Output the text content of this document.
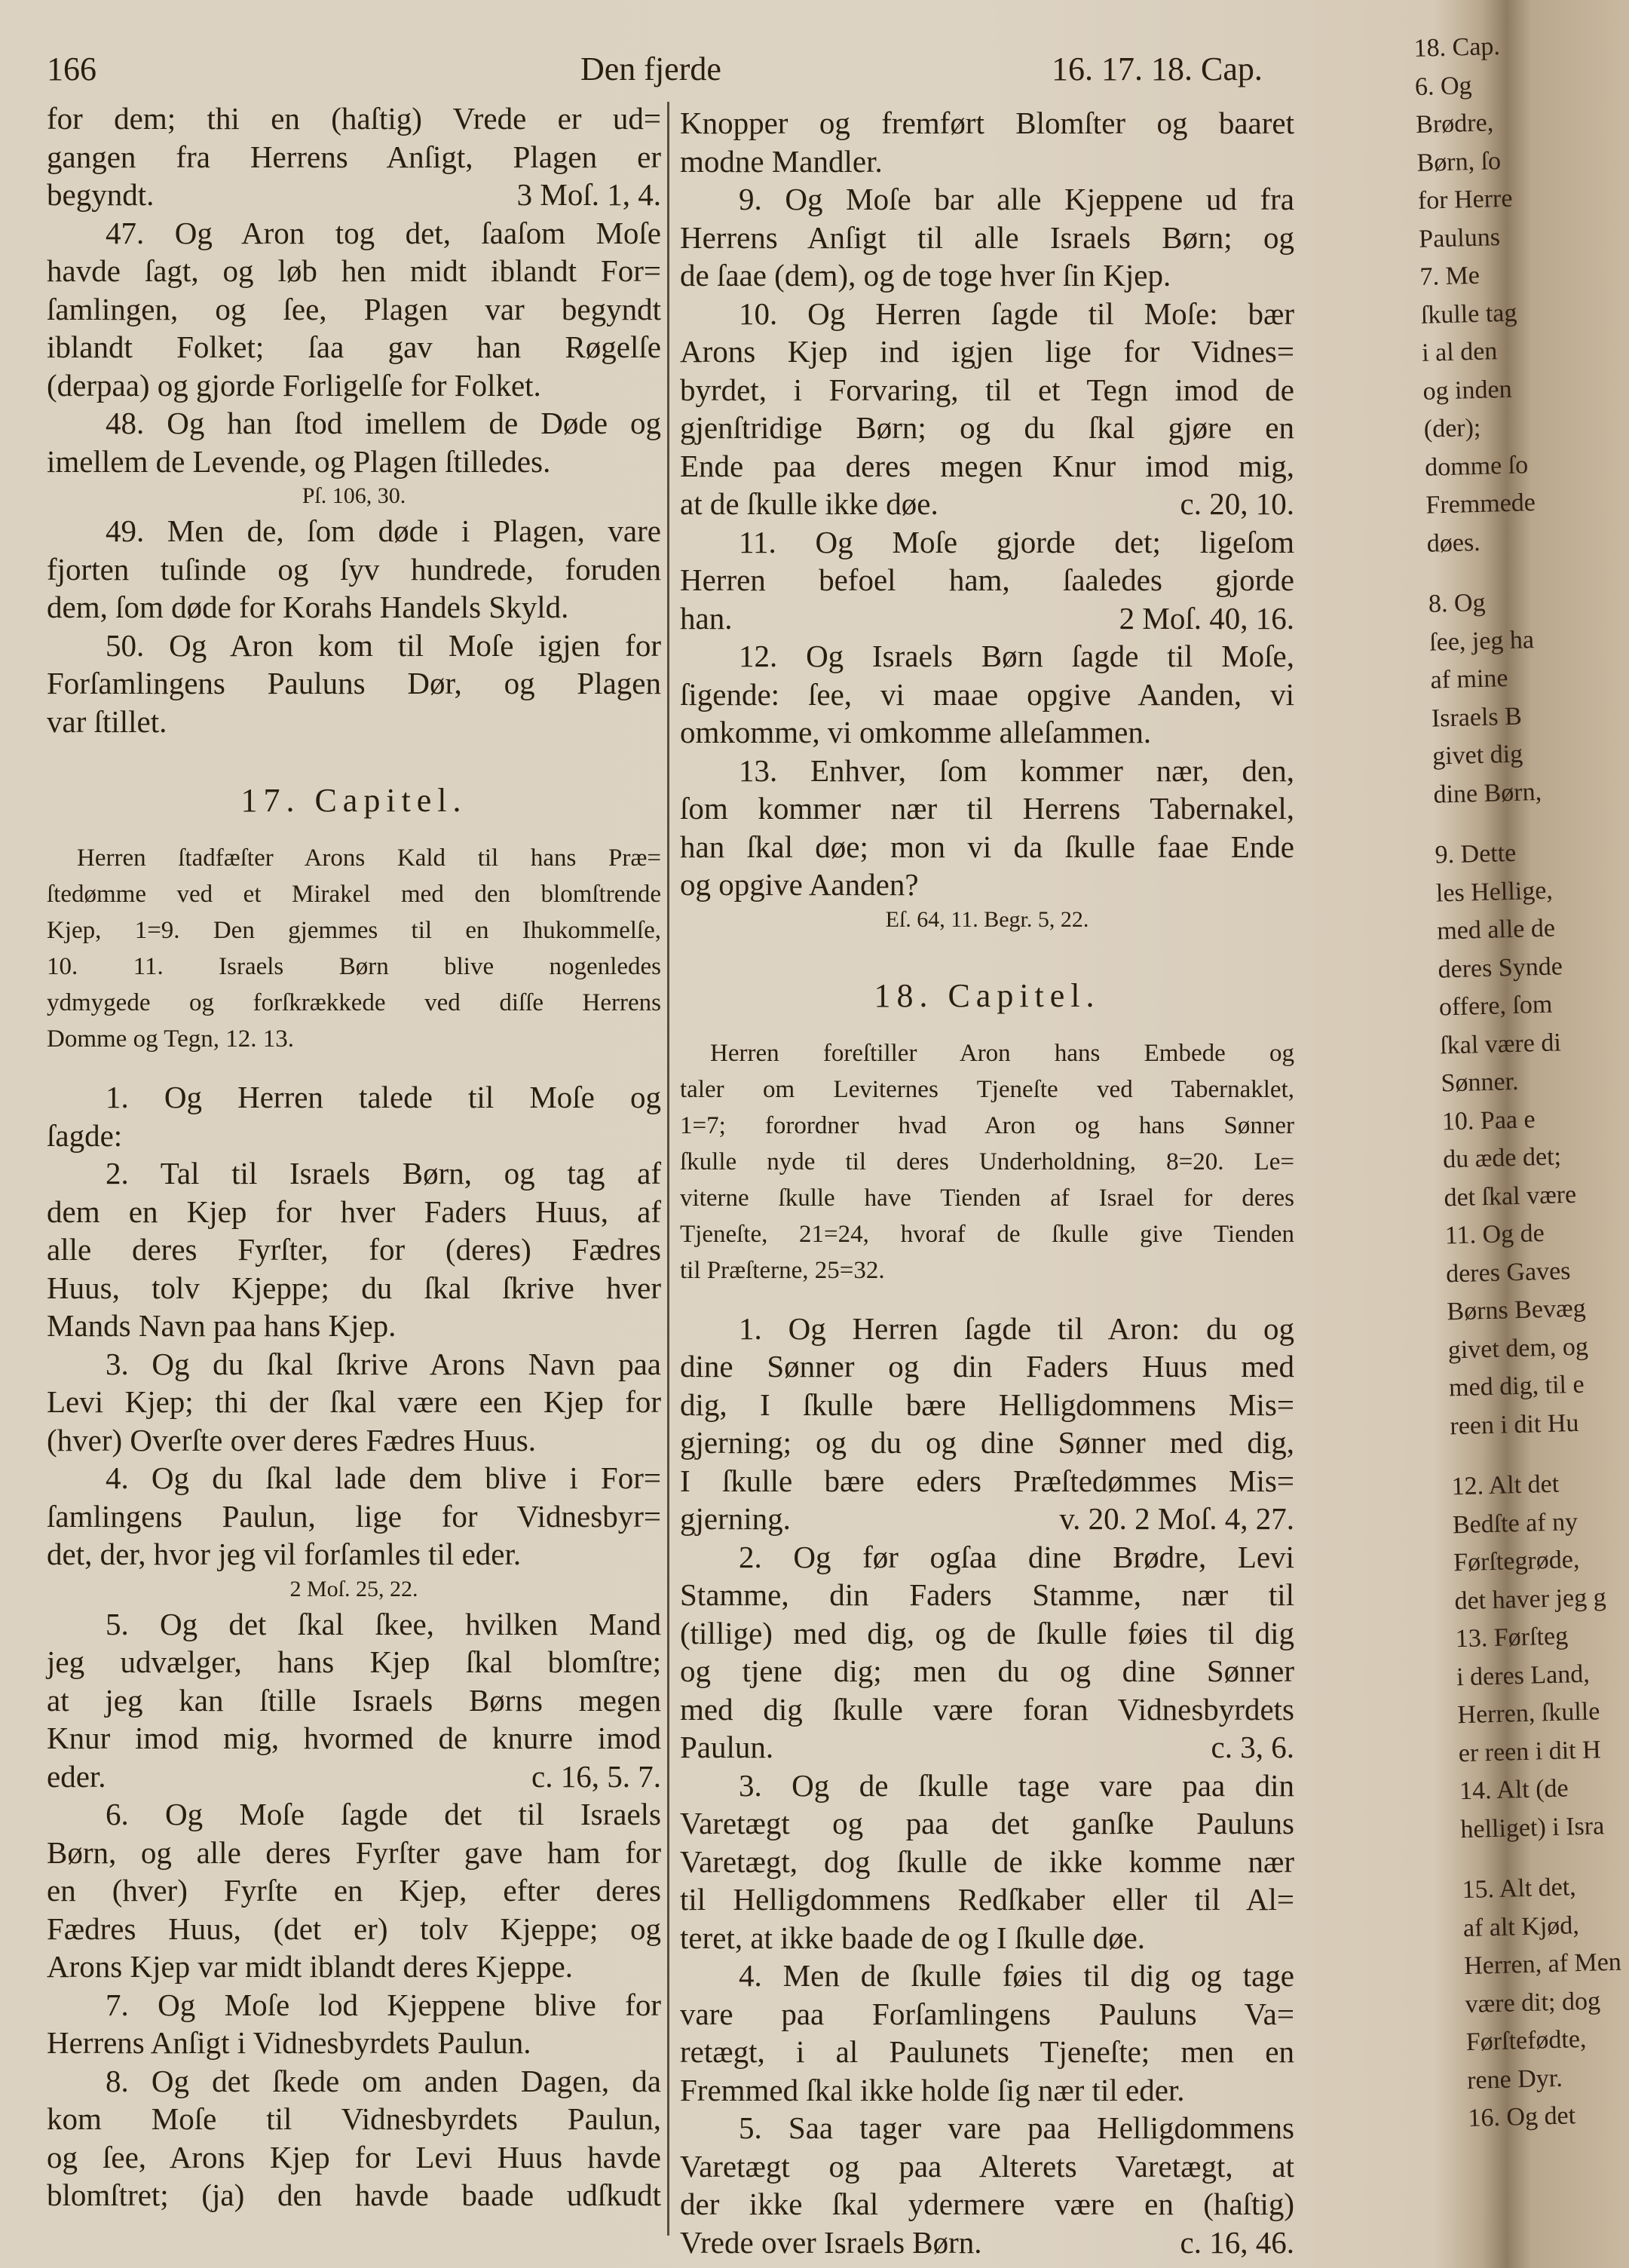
166	Den fjerde	16. 17. 18. Cap.
for dem; thi en (haſtig) Vrede er ud=
gangen fra Herrens Anſigt, Plagen er
begyndt.	3 Moſ. 1, 4.
47. Og Aron tog det, ſaaſom Moſe
havde ſagt, og løb hen midt iblandt For=
ſamlingen, og ſee, Plagen var begyndt
iblandt Folket; ſaa gav han Røgelſe
(derpaa) og gjorde Forligelſe for Folket.
48. Og han ſtod imellem de Døde og
imellem de Levende, og Plagen ſtilledes.
Pſ. 106, 30.
49. Men de, ſom døde i Plagen, vare
fjorten tuſinde og ſyv hundrede, foruden
dem, ſom døde for Korahs Handels Skyld.
50. Og Aron kom til Moſe igjen for
Forſamlingens Pauluns Dør, og Plagen
var ſtillet.
17. Capitel.
Herren ſtadfæſter Arons Kald til hans Præ=
ſtedømme ved et Mirakel med den blomſtrende
Kjep, 1=9. Den gjemmes til en Ihukommelſe,
10. 11. Israels Børn blive nogenledes
ydmygede og forſkrækkede ved diſſe Herrens
Domme og Tegn, 12. 13.
1. Og Herren talede til Moſe og
ſagde:
2. Tal til Israels Børn, og tag af
dem en Kjep for hver Faders Huus, af
alle deres Fyrſter, for (deres) Fædres
Huus, tolv Kjeppe; du ſkal ſkrive hver
Mands Navn paa hans Kjep.
3. Og du ſkal ſkrive Arons Navn paa
Levi Kjep; thi der ſkal være een Kjep for
(hver) Overſte over deres Fædres Huus.
4. Og du ſkal lade dem blive i For=
ſamlingens Paulun, lige for Vidnesbyr=
det, der, hvor jeg vil forſamles til eder.
2 Moſ. 25, 22.
5. Og det ſkal ſkee, hvilken Mand
jeg udvælger, hans Kjep ſkal blomſtre;
at jeg kan ſtille Israels Børns megen
Knur imod mig, hvormed de knurre imod
eder.	c. 16, 5. 7.
6. Og Moſe ſagde det til Israels
Børn, og alle deres Fyrſter gave ham for
en (hver) Fyrſte en Kjep, efter deres
Fædres Huus, (det er) tolv Kjeppe; og
Arons Kjep var midt iblandt deres Kjeppe.
7. Og Moſe lod Kjeppene blive for
Herrens Anſigt i Vidnesbyrdets Paulun.
8. Og det ſkede om anden Dagen, da
kom Moſe til Vidnesbyrdets Paulun,
og ſee, Arons Kjep for Levi Huus havde
blomſtret; (ja) den havde baade udſkudt
Knopper og fremført Blomſter og baaret
modne Mandler.
9. Og Moſe bar alle Kjeppene ud fra
Herrens Anſigt til alle Israels Børn; og
de ſaae (dem), og de toge hver ſin Kjep.
10. Og Herren ſagde til Moſe: bær
Arons Kjep ind igjen lige for Vidnes=
byrdet, i Forvaring, til et Tegn imod de
gjenſtridige Børn; og du ſkal gjøre en
Ende paa deres megen Knur imod mig,
at de ſkulle ikke døe.	c. 20, 10.
11. Og Moſe gjorde det; ligeſom
Herren befoel ham, ſaaledes gjorde
han.	2 Moſ. 40, 16.
12. Og Israels Børn ſagde til Moſe,
ſigende: ſee, vi maae opgive Aanden, vi
omkomme, vi omkomme alleſammen.
13. Enhver, ſom kommer nær, den,
ſom kommer nær til Herrens Tabernakel,
han ſkal døe; mon vi da ſkulle faae Ende
og opgive Aanden?
Eſ. 64, 11. Begr. 5, 22.
18. Capitel.
Herren foreſtiller Aron hans Embede og
taler om Leviternes Tjeneſte ved Tabernaklet,
1=7; forordner hvad Aron og hans Sønner
ſkulle nyde til deres Underholdning, 8=20. Le=
viterne ſkulle have Tienden af Israel for deres
Tjeneſte, 21=24, hvoraf de ſkulle give Tienden
til Præſterne, 25=32.
1. Og Herren ſagde til Aron: du og
dine Sønner og din Faders Huus med
dig, I ſkulle bære Helligdommens Mis=
gjerning; og du og dine Sønner med dig,
I ſkulle bære eders Præſtedømmes Mis=
gjerning.	v. 20. 2 Moſ. 4, 27.
2. Og før ogſaa dine Brødre, Levi
Stamme, din Faders Stamme, nær til
(tillige) med dig, og de ſkulle føies til dig
og tjene dig; men du og dine Sønner
med dig ſkulle være foran Vidnesbyrdets
Paulun.	c. 3, 6.
3. Og de ſkulle tage vare paa din
Varetægt og paa det ganſke Pauluns
Varetægt, dog ſkulle de ikke komme nær
til Helligdommens Redſkaber eller til Al=
teret, at ikke baade de og I ſkulle døe.
4. Men de ſkulle føies til dig og tage
vare paa Forſamlingens Pauluns Va=
retægt, i al Paulunets Tjeneſte; men en
Fremmed ſkal ikke holde ſig nær til eder.
5. Saa tager vare paa Helligdommens
Varetægt og paa Alterets Varetægt, at
der ikke ſkal ydermere være en (haſtig)
Vrede over Israels Børn.	c. 16, 46.
18. Cap.
6. Og
Brødre,
Børn, ſo
for Herre
Pauluns
7. Me
ſkulle tag
i al den
og inden
(der);
domme ſo
Fremmede
døes.
8. Og
ſee, jeg ha
af mine
Israels B
givet dig
dine Børn,
9. Dette
les Hellige,
med alle de
deres Synde
offere, ſom
ſkal være di
Sønner.
10. Paa e
du æde det;
det ſkal være
11. Og de
deres Gaves
Børns Bevæg
givet dem, og
med dig, til e
reen i dit Hu
12. Alt det
Bedſte af ny
Førſtegrøde,
det haver jeg g
13. Førſteg
i deres Land,
Herren, ſkulle
er reen i dit H
14. Alt (de
helliget) i Isra
15. Alt det,
af alt Kjød,
Herren, af Men
være dit; dog
Førſtefødte,
rene Dyr.
16. Og det
